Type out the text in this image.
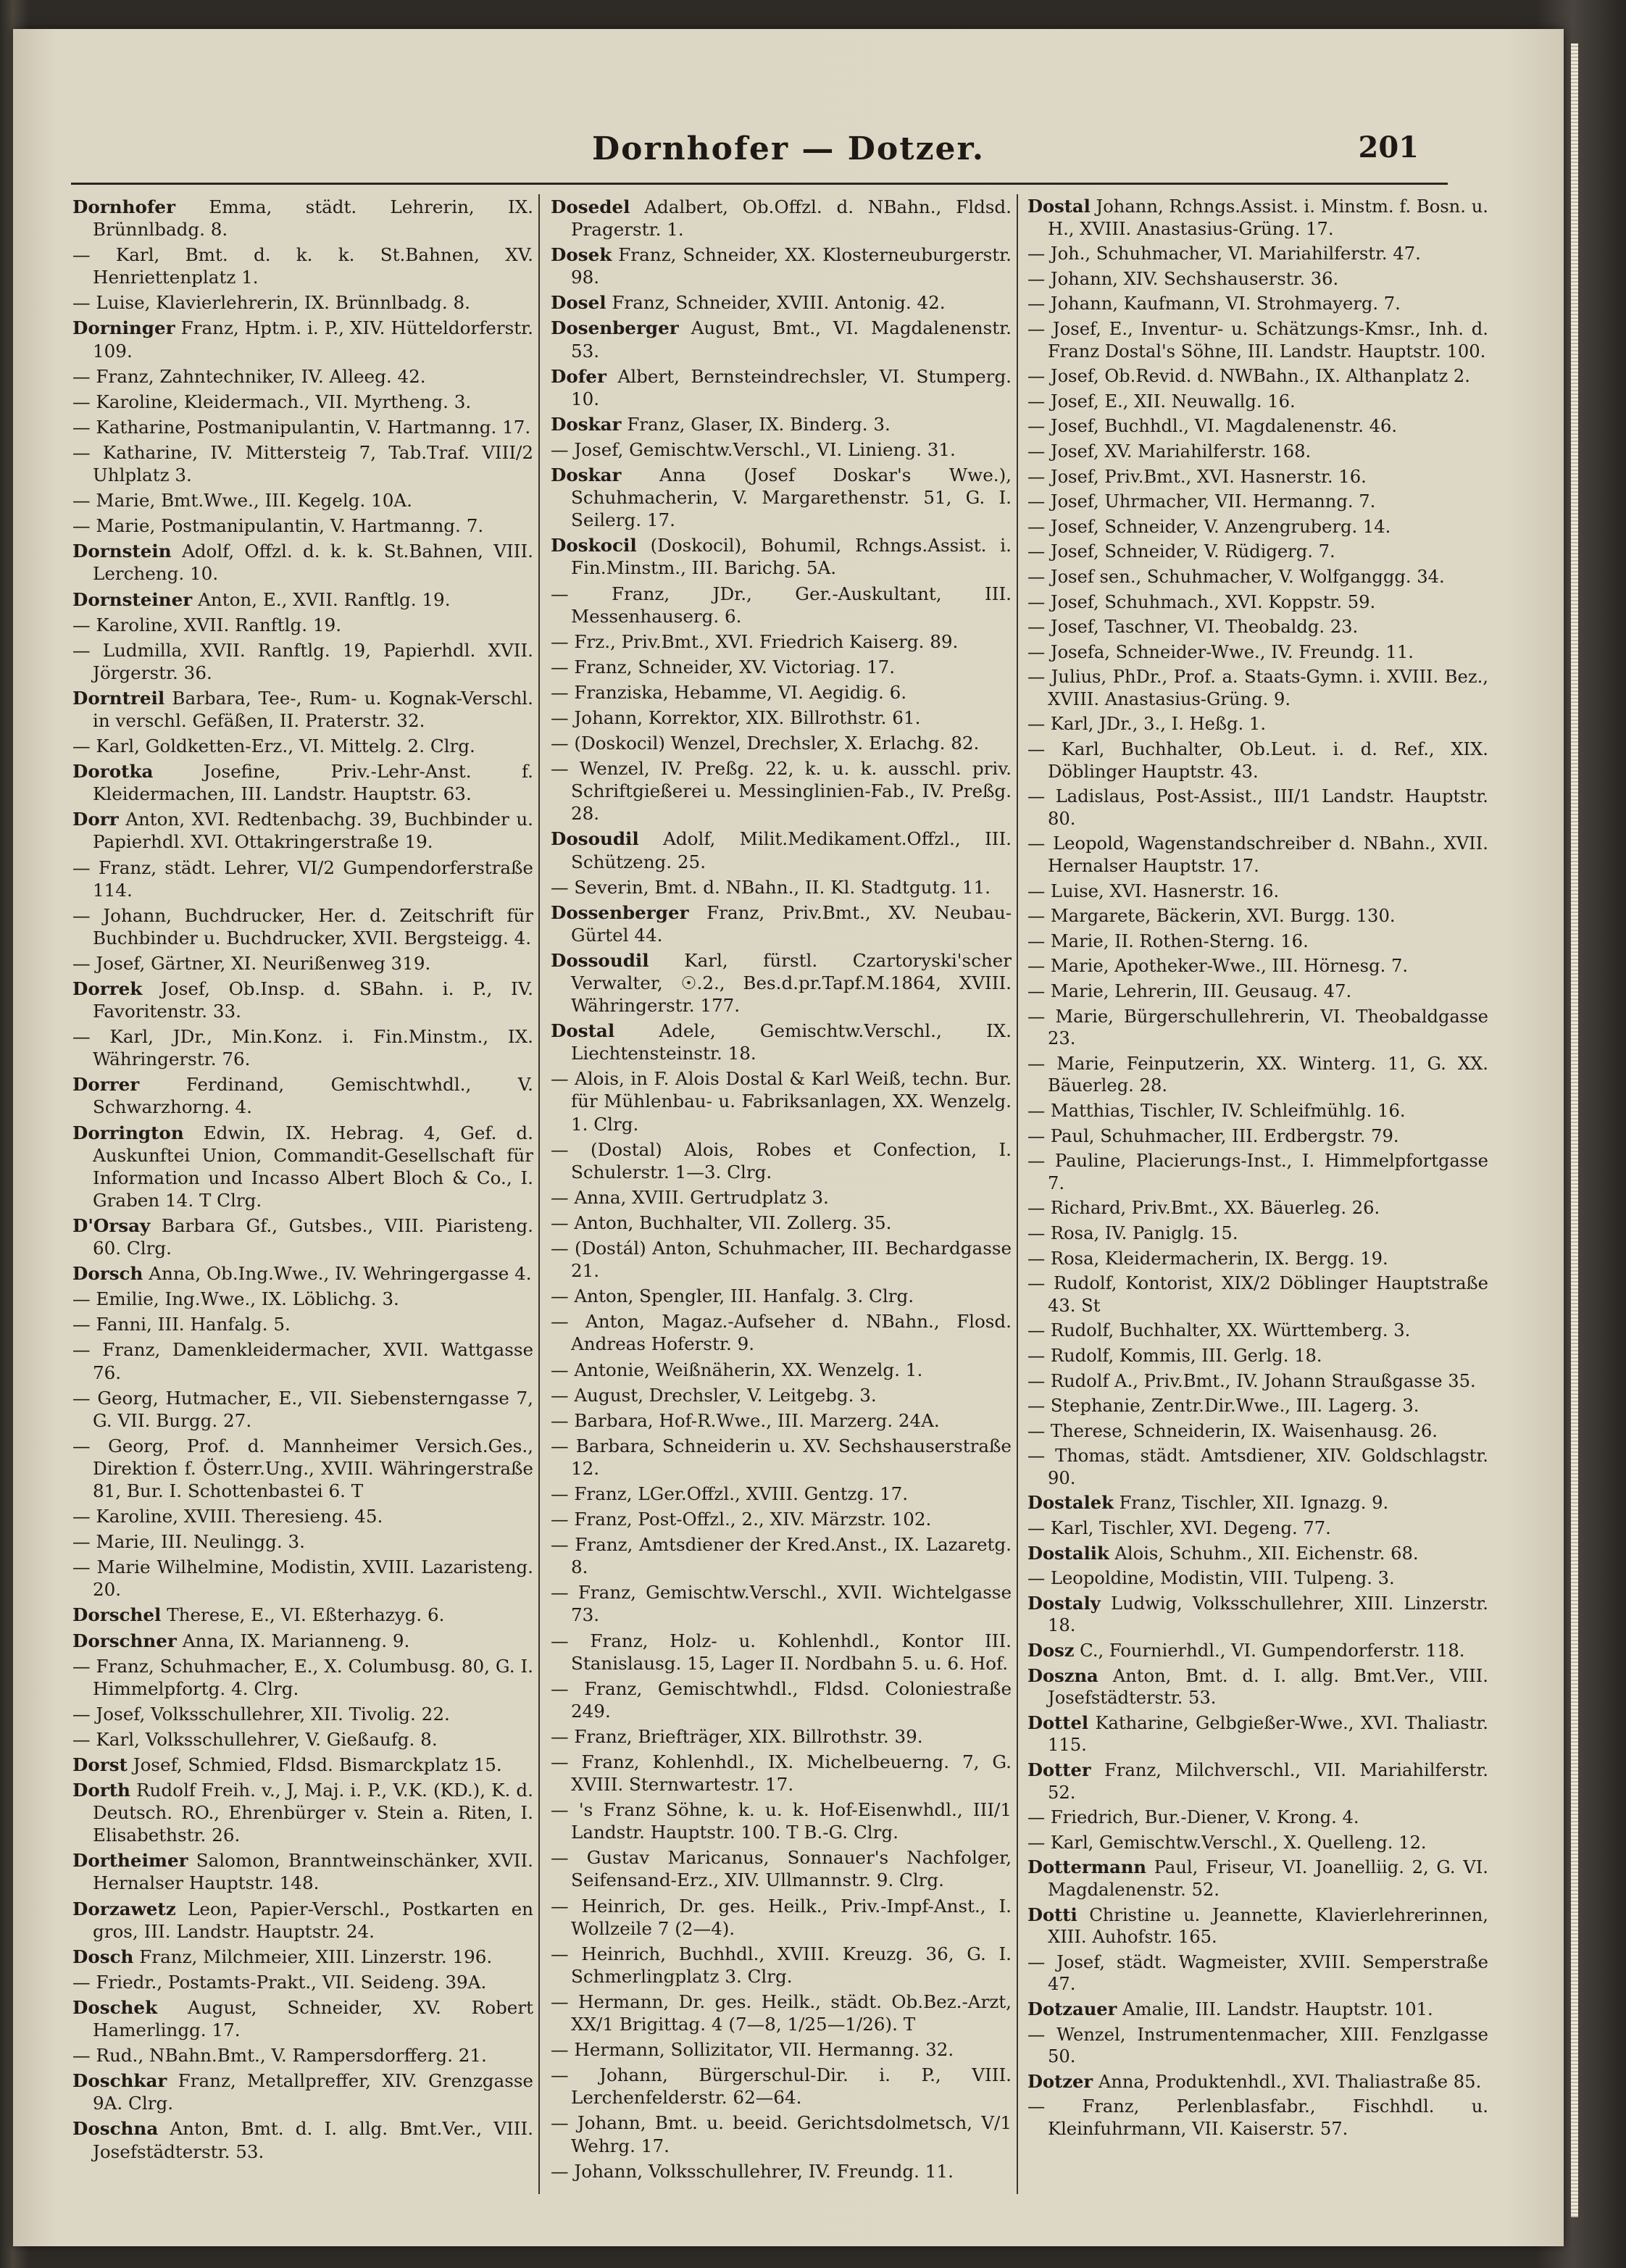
Dornhofer — Dotzer.	201
Dornhofer Emma, städt. Lehrerin, IX. Brünnlbadg. 8.
— Karl, Bmt. d. k. k. St.Bahnen, XV. Henriettenplatz 1.
— Luise, Klavierlehrerin, IX. Brünnlbadg. 8.
Dorninger Franz, Hptm. i. P., XIV. Hütteldorferstr. 109.
— Franz, Zahntechniker, IV. Alleeg. 42.
— Karoline, Kleidermach., VII. Myrtheng. 3.
— Katharine, Postmanipulantin, V. Hartmanng. 17.
— Katharine, IV. Mittersteig 7, Tab.Traf. VIII/2 Uhlplatz 3.
— Marie, Bmt.Wwe., III. Kegelg. 10A.
— Marie, Postmanipulantin, V. Hartmanng. 7.
Dornstein Adolf, Offzl. d. k. k. St.Bahnen, VIII. Lercheng. 10.
Dornsteiner Anton, E., XVII. Ranftlg. 19.
— Karoline, XVII. Ranftlg. 19.
— Ludmilla, XVII. Ranftlg. 19, Papierhdl. XVII. Jörgerstr. 36.
Dorntreil Barbara, Tee-, Rum- u. Kognak-Verschl. in verschl. Gefäßen, II. Praterstr. 32.
— Karl, Goldketten-Erz., VI. Mittelg. 2. Clrg.
Dorotka	Josefine, Priv.-Lehr-Anst. f. Kleidermachen, III. Landstr. Hauptstr. 63.
Dorr Anton, XVI. Redtenbachg. 39, Buchbinder u. Papierhdl. XVI. Ottakringerstraße 19.
— Franz, städt. Lehrer, VI/2 Gumpendorferstraße 114.
— Johann, Buchdrucker, Her. d. Zeitschrift für Buchbinder u. Buchdrucker, XVII. Bergsteigg. 4.
— Josef, Gärtner, XI. Neurißenweg 319.
Dorrek Josef, Ob.Insp. d. SBahn. i. P., IV. Favoritenstr. 33.
— Karl, JDr., Min.Konz. i. Fin.Minstm., IX. Währingerstr. 76.
Dorrer	Ferdinand, Gemischtwhdl., V. Schwarzhorng. 4.
Dorrington Edwin, IX. Hebrag. 4, Gef. d. Auskunftei Union, Commandit-Gesellschaft für Information und Incasso Albert Bloch & Co., I. Graben 14. T Clrg.
D'Orsay Barbara Gf., Gutsbes., VIII. Piaristeng. 60. Clrg.
Dorsch Anna, Ob.Ing.Wwe., IV. Wehringergasse 4.
— Emilie, Ing.Wwe., IX. Löblichg. 3.
— Fanni, III. Hanfalg. 5.
— Franz, Damenkleidermacher, XVII. Wattgasse 76.
— Georg, Hutmacher, E., VII. Siebensterngasse 7, G. VII. Burgg. 27.
— Georg, Prof. d. Mannheimer Versich.Ges., Direktion f. Österr.Ung., XVIII. Währingerstraße 81, Bur. I. Schottenbastei 6. T
— Karoline, XVIII. Theresieng. 45.
— Marie, III. Neulingg. 3.
— Marie Wilhelmine, Modistin, XVIII. Lazaristeng. 20.
Dorschel Therese, E., VI. Eßterhazyg. 6.
Dorschner Anna, IX. Marianneng. 9.
— Franz, Schuhmacher, E., X. Columbusg. 80, G. I. Himmelpfortg. 4. Clrg.
— Josef, Volksschullehrer, XII. Tivolig. 22.
— Karl, Volksschullehrer, V. Gießaufg. 8.
Dorst Josef, Schmied, Fldsd. Bismarckplatz 15.
Dorth Rudolf Freih. v., J, Maj. i. P., V.K. (KD.), K. d. Deutsch. RO., Ehrenbürger v. Stein a. Riten, I. Elisabethstr. 26.
Dortheimer Salomon, Branntweinschänker, XVII. Hernalser Hauptstr. 148.
Dorzawetz Leon, Papier-Verschl., Postkarten en gros, III. Landstr. Hauptstr. 24.
Dosch Franz, Milchmeier, XIII. Linzerstr. 196.
— Friedr., Postamts-Prakt., VII. Seideng. 39A.
Doschek August, Schneider, XV. Robert Hamerlingg. 17.
— Rud., NBahn.Bmt., V. Rampersdorfferg. 21.
Doschkar Franz, Metallpreffer, XIV. Grenzgasse 9A. Clrg.
Doschna Anton, Bmt. d. I. allg. Bmt.Ver., VIII. Josefstädterstr. 53.
Dosedel Adalbert, Ob.Offzl. d. NBahn., Fldsd. Pragerstr. 1.
Dosek Franz, Schneider, XX. Klosterneuburgerstr. 98.
Dosel Franz, Schneider, XVIII. Antonig. 42.
Dosenberger August, Bmt., VI. Magdalenenstr. 53.
Dofer Albert, Bernsteindrechsler, VI. Stumperg. 10.
Doskar Franz, Glaser, IX. Binderg. 3.
— Josef, Gemischtw.Verschl., VI. Linieng. 31.
Doskar Anna (Josef Doskar's Wwe.), Schuhmacherin, V. Margarethenstr. 51, G. I. Seilerg. 17.
Doskocil (Doskocil), Bohumil, Rchngs.Assist. i. Fin.Minstm., III. Barichg. 5A.
— Franz, JDr., Ger.-Auskultant, III. Messenhauserg. 6.
— Frz., Priv.Bmt., XVI. Friedrich Kaiserg. 89.
— Franz, Schneider, XV. Victoriag. 17.
— Franziska, Hebamme, VI. Aegidig. 6.
— Johann, Korrektor, XIX. Billrothstr. 61.
— (Doskocil) Wenzel, Drechsler, X. Erlachg. 82.
— Wenzel, IV. Preßg. 22, k. u. k. ausschl. priv. Schriftgießerei u. Messinglinien-Fab., IV. Preßg. 28.
Dosoudil Adolf, Milit.Medikament.Offzl., III. Schützeng. 25.
— Severin, Bmt. d. NBahn., II. Kl. Stadtgutg. 11.
Dossenberger Franz, Priv.Bmt., XV. Neubau-Gürtel 44.
Dossoudil Karl, fürstl. Czartoryski'scher Verwalter, ☉.2., Bes.d.pr.Tapf.M.1864, XVIII. Währingerstr. 177.
Dostal Adele, Gemischtw.Verschl., IX. Liechtensteinstr. 18.
— Alois, in F. Alois Dostal & Karl Weiß, techn. Bur. für Mühlenbau- u. Fabriksanlagen, XX. Wenzelg. 1. Clrg.
— (Dostal) Alois, Robes et Confection, I. Schulerstr. 1—3. Clrg.
— Anna, XVIII. Gertrudplatz 3.
— Anton, Buchhalter, VII. Zollerg. 35.
— (Dostál) Anton, Schuhmacher, III. Bechardgasse 21.
— Anton, Spengler, III. Hanfalg. 3. Clrg.
— Anton, Magaz.-Aufseher d. NBahn., Flosd. Andreas Hoferstr. 9.
— Antonie, Weißnäherin, XX. Wenzelg. 1.
— August, Drechsler, V. Leitgebg. 3.
— Barbara, Hof-R.Wwe., III. Marzerg. 24A.
— Barbara, Schneiderin u. XV. Sechshauserstraße 12.
— Franz, LGer.Offzl., XVIII. Gentzg. 17.
— Franz, Post-Offzl., 2., XIV. Märzstr. 102.
— Franz, Amtsdiener der Kred.Anst., IX. Lazaretg. 8.
— Franz, Gemischtw.Verschl., XVII. Wichtelgasse 73.
— Franz, Holz- u. Kohlenhdl., Kontor III. Stanislausg. 15, Lager II. Nordbahn 5. u. 6. Hof.
— Franz, Gemischtwhdl., Fldsd. Coloniestraße 249.
— Franz, Briefträger, XIX. Billrothstr. 39.
— Franz, Kohlenhdl., IX. Michelbeuerng. 7, G. XVIII. Sternwartestr. 17.
— 's Franz Söhne, k. u. k. Hof-Eisenwhdl., III/1 Landstr. Hauptstr. 100. T B.-G. Clrg.
— Gustav Maricanus, Sonnauer's Nachfolger, Seifensand-Erz., XIV. Ullmannstr. 9. Clrg.
— Heinrich, Dr. ges. Heilk., Priv.-Impf-Anst., I. Wollzeile 7 (2—4).
— Heinrich, Buchhdl., XVIII. Kreuzg. 36, G. I. Schmerlingplatz 3. Clrg.
— Hermann, Dr. ges. Heilk., städt. Ob.Bez.-Arzt, XX/1 Brigittag. 4 (7—8, 1/25—1/26). T
— Hermann, Sollizitator, VII. Hermanng. 32.
— Johann, Bürgerschul-Dir. i. P., VIII. Lerchenfelderstr. 62—64.
— Johann, Bmt. u. beeid. Gerichtsdolmetsch, V/1 Wehrg. 17.
— Johann, Volksschullehrer, IV. Freundg. 11.
Dostal Johann, Rchngs.Assist. i. Minstm. f. Bosn. u. H., XVIII. Anastasius-Grüng. 17.
— Joh., Schuhmacher, VI. Mariahilferstr. 47.
— Johann, XIV. Sechshauserstr. 36.
— Johann, Kaufmann, VI. Strohmayerg. 7.
— Josef, E., Inventur- u. Schätzungs-Kmsr., Inh. d. Franz Dostal's Söhne, III. Landstr. Hauptstr. 100.
— Josef, Ob.Revid. d. NWBahn., IX. Althanplatz 2.
— Josef, E., XII. Neuwallg. 16.
— Josef, Buchhdl., VI. Magdalenenstr. 46.
— Josef, XV. Mariahilferstr. 168.
— Josef, Priv.Bmt., XVI. Hasnerstr. 16.
— Josef, Uhrmacher, VII. Hermanng. 7.
— Josef, Schneider, V. Anzengruberg. 14.
— Josef, Schneider, V. Rüdigerg. 7.
— Josef sen., Schuhmacher, V. Wolfganggg. 34.
— Josef, Schuhmach., XVI. Koppstr. 59.
— Josef, Taschner, VI. Theobaldg. 23.
— Josefa, Schneider-Wwe., IV. Freundg. 11.
— Julius, PhDr., Prof. a. Staats-Gymn. i. XVIII. Bez., XVIII. Anastasius-Grüng. 9.
— Karl, JDr., 3., I. Heßg. 1.
— Karl, Buchhalter, Ob.Leut. i. d. Ref., XIX. Döblinger Hauptstr. 43.
— Ladislaus, Post-Assist., III/1 Landstr. Hauptstr. 80.
— Leopold, Wagenstandschreiber d. NBahn., XVII. Hernalser Hauptstr. 17.
— Luise, XVI. Hasnerstr. 16.
— Margarete, Bäckerin, XVI. Burgg. 130.
— Marie, II. Rothen-Sterng. 16.
— Marie, Apotheker-Wwe., III. Hörnesg. 7.
— Marie, Lehrerin, III. Geusaug. 47.
— Marie, Bürgerschullehrerin, VI. Theobaldgasse 23.
— Marie, Feinputzerin, XX. Winterg. 11, G. XX. Bäuerleg. 28.
— Matthias, Tischler, IV. Schleifmühlg. 16.
— Paul, Schuhmacher, III. Erdbergstr. 79.
— Pauline, Placierungs-Inst., I. Himmelpfortgasse 7.
— Richard, Priv.Bmt., XX. Bäuerleg. 26.
— Rosa, IV. Paniglg. 15.
— Rosa, Kleidermacherin, IX. Bergg. 19.
— Rudolf, Kontorist, XIX/2 Döblinger Hauptstraße 43. St
— Rudolf, Buchhalter, XX. Württemberg. 3.
— Rudolf, Kommis, III. Gerlg. 18.
— Rudolf A., Priv.Bmt., IV. Johann Straußgasse 35.
— Stephanie, Zentr.Dir.Wwe., III. Lagerg. 3.
— Therese, Schneiderin, IX. Waisenhausg. 26.
— Thomas, städt. Amtsdiener, XIV. Goldschlagstr. 90.
Dostalek Franz, Tischler, XII. Ignazg. 9.
— Karl, Tischler, XVI. Degeng. 77.
Dostalik Alois, Schuhm., XII. Eichenstr. 68.
— Leopoldine, Modistin, VIII. Tulpeng. 3.
Dostaly Ludwig, Volksschullehrer, XIII. Linzerstr. 18.
Dosz C., Fournierhdl., VI. Gumpendorferstr. 118.
Doszna Anton, Bmt. d. I. allg. Bmt.Ver., VIII. Josefstädterstr. 53.
Dottel Katharine, Gelbgießer-Wwe., XVI. Thaliastr. 115.
Dotter Franz, Milchverschl., VII. Mariahilferstr. 52.
— Friedrich, Bur.-Diener, V. Krong. 4.
— Karl, Gemischtw.Verschl., X. Quelleng. 12.
Dottermann Paul, Friseur, VI. Joanelliig. 2, G. VI. Magdalenenstr. 52.
Dotti Christine u. Jeannette, Klavierlehrerinnen, XIII. Auhofstr. 165.
— Josef, städt. Wagmeister, XVIII. Semperstraße 47.
Dotzauer Amalie, III. Landstr. Hauptstr. 101.
— Wenzel, Instrumentenmacher, XIII. Fenzlgasse 50.
Dotzer Anna, Produktenhdl., XVI. Thaliastraße 85.
— Franz, Perlenblasfabr., Fischhdl. u. Kleinfuhrmann, VII. Kaiserstr. 57.
